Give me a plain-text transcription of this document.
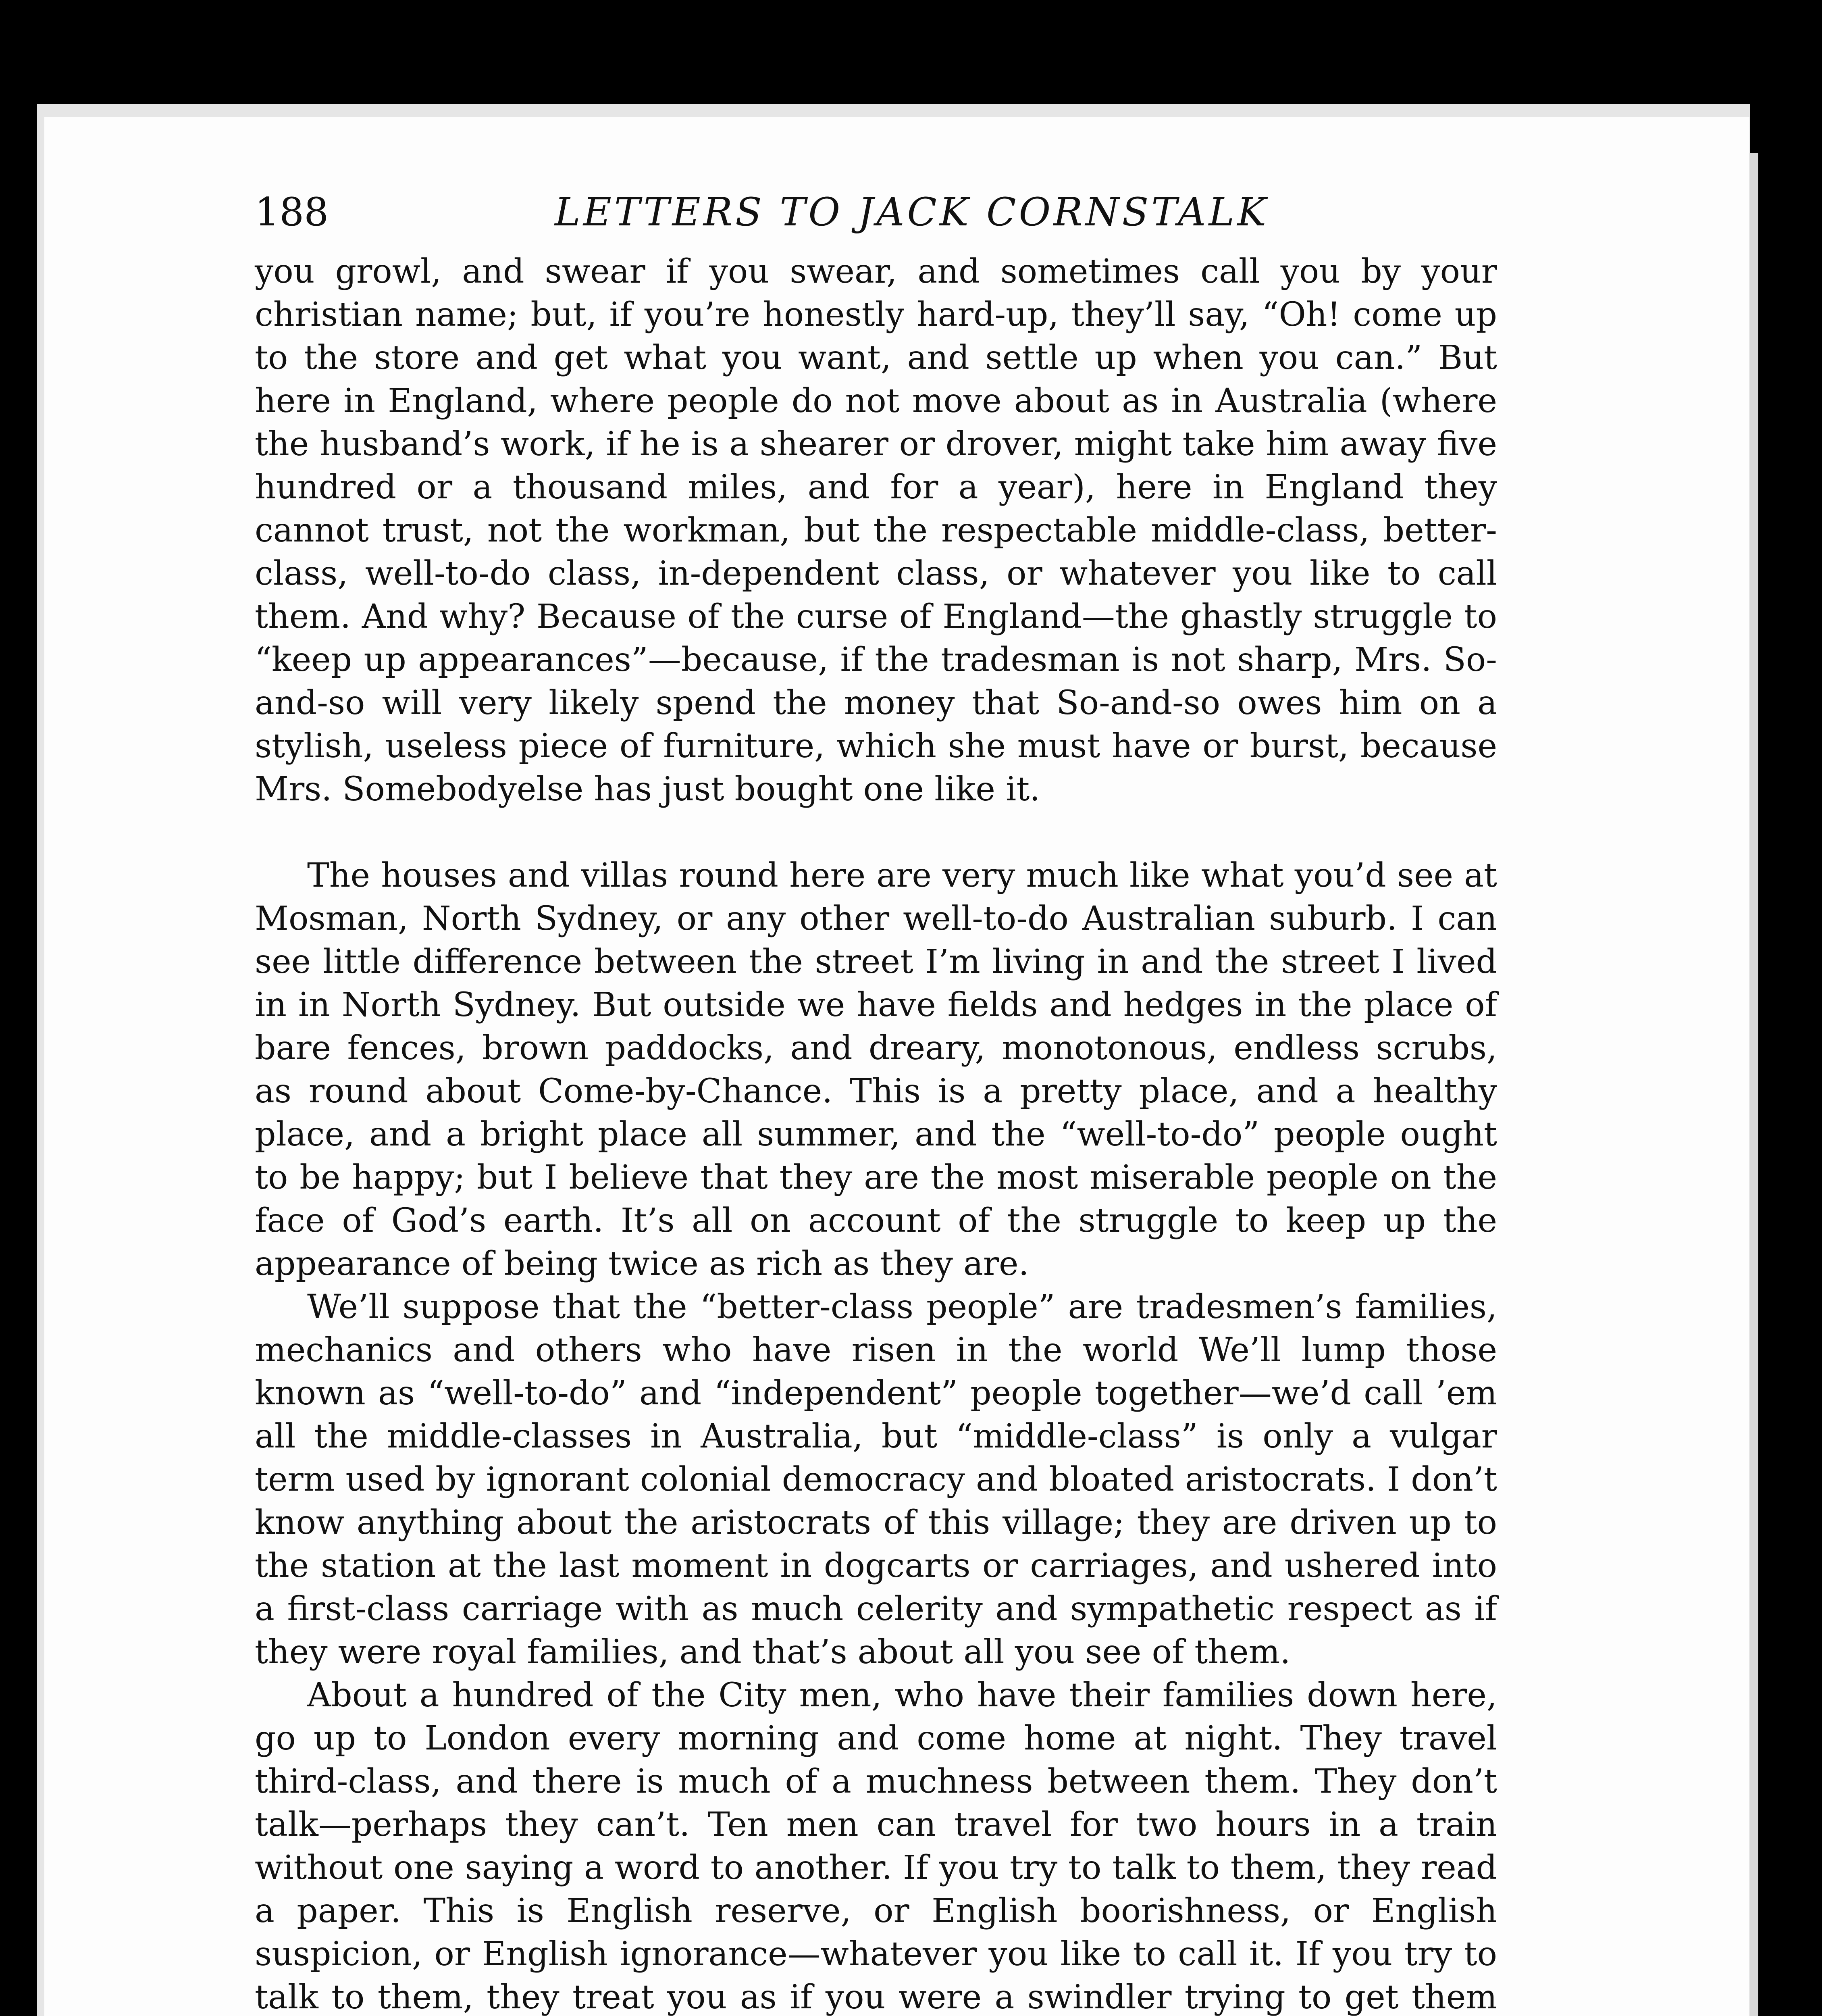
188	LETTERS TO JACK CORNSTALK

you growl, and swear if you swear, and sometimes call you by your christian name; but, if you’re honestly hard-up, they’ll say, “Oh! come up to the store and get what you want, and settle up when you can.” But here in England, where people do not move about as in Australia (where the husband’s work, if he is a shearer or drover, might take him away five hundred or a thousand miles, and for a year), here in England they cannot trust, not the workman, but the respectable middle-class, better-class, well-to-do class, in-dependent class, or whatever you like to call them. And why? Because of the curse of England—the ghastly struggle to “keep up appearances”—because, if the tradesman is not sharp, Mrs. So-and-so will very likely spend the money that So-and-so owes him on a stylish, useless piece of furniture, which she must have or burst, because Mrs. Somebodyelse has just bought one like it.

The houses and villas round here are very much like what you’d see at Mosman, North Sydney, or any other well-to-do Australian suburb. I can see little difference between the street I’m living in and the street I lived in in North Sydney. But outside we have fields and hedges in the place of bare fences, brown paddocks, and dreary, monotonous, endless scrubs, as round about Come-by-Chance. This is a pretty place, and a healthy place, and a bright place all summer, and the “well-to-do” people ought to be happy; but I believe that they are the most miserable people on the face of God’s earth. It’s all on account of the struggle to keep up the appearance of being twice as rich as they are.

We’ll suppose that the “better-class people” are tradesmen’s families, mechanics and others who have risen in the world We’ll lump those known as “well-to-do” and “independent” people together—we’d call ’em all the middle-classes in Australia, but “middle-class” is only a vulgar term used by ignorant colonial democracy and bloated aristocrats. I don’t know anything about the aristocrats of this village; they are driven up to the station at the last moment in dogcarts or carriages, and ushered into a first-class carriage with as much celerity and sympathetic respect as if they were royal families, and that’s about all you see of them.

About a hundred of the City men, who have their families down here, go up to London every morning and come home at night. They travel third-class, and there is much of a muchness between them. They don’t talk—perhaps they can’t. Ten men can travel for two hours in a train without one saying a word to another. If you try to talk to them, they read a paper. This is English reserve, or English boorishness, or English suspicion, or English ignorance—whatever you like to call it. If you try to talk to them, they treat you as if you were a swindler trying to get them
